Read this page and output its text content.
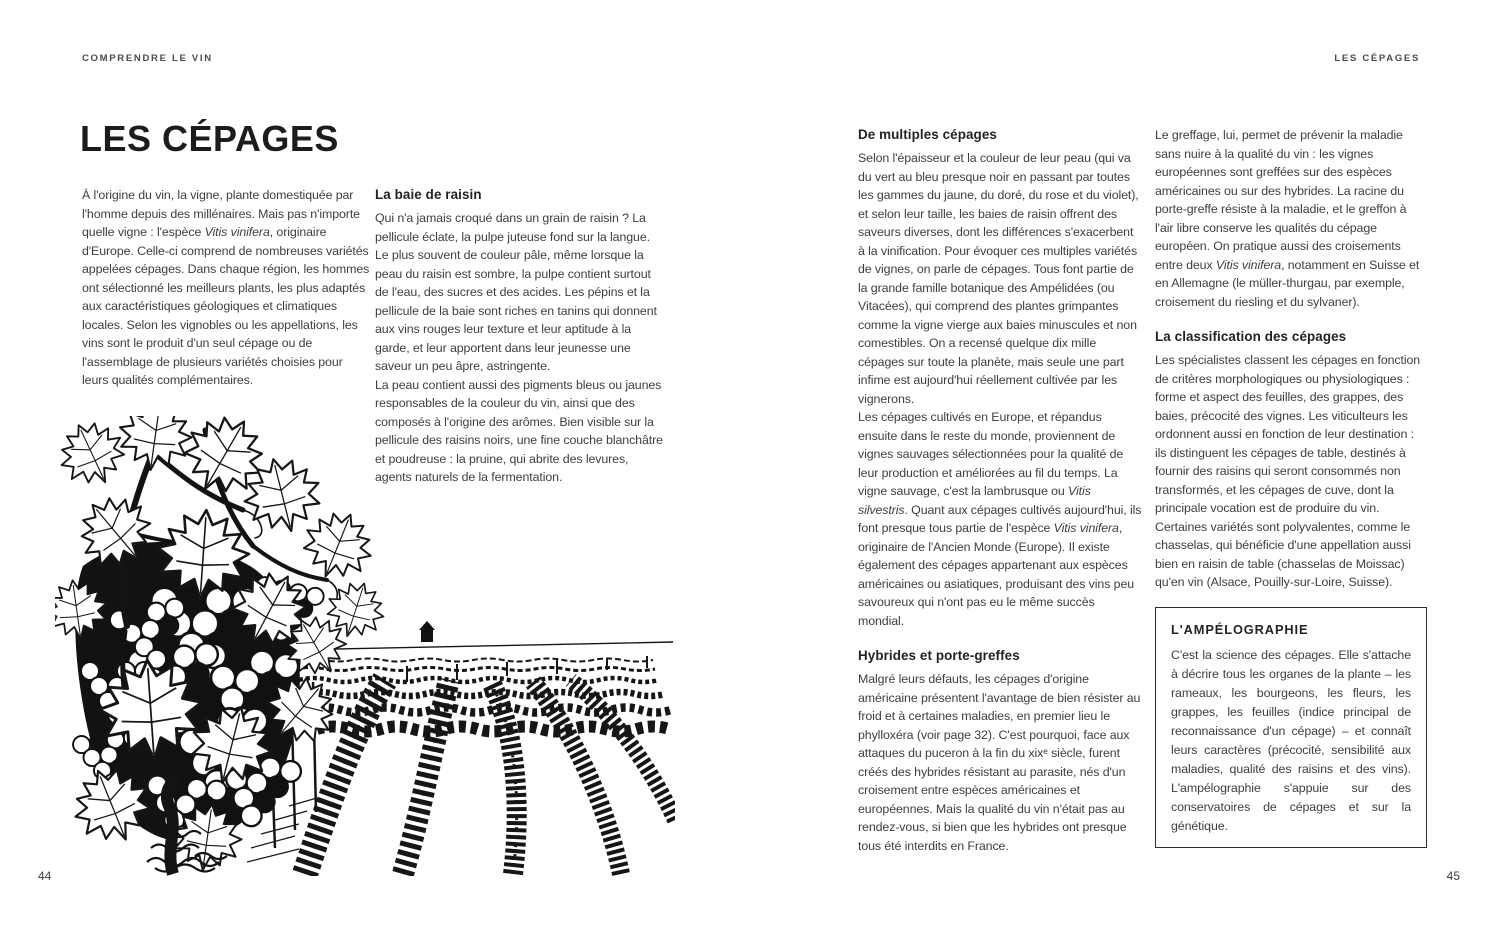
COMPRENDRE LE VIN
LES CÉPAGES

À l'origine du vin, la vigne, plante domestiquée par l'homme depuis des millénaires. Mais pas n'importe quelle vigne : l'espèce Vitis vinifera, originaire d'Europe. Celle-ci comprend de nombreuses variétés appelées cépages. Dans chaque région, les hommes ont sélectionné les meilleurs plants, les plus adaptés aux caractéristiques géologiques et climatiques locales. Selon les vignobles ou les appellations, les vins sont le produit d'un seul cépage ou de l'assemblage de plusieurs variétés choisies pour leurs qualités complémentaires.

La baie de raisin

Qui n'a jamais croqué dans un grain de raisin ? La pellicule éclate, la pulpe juteuse fond sur la langue. Le plus souvent de couleur pâle, même lorsque la peau du raisin est sombre, la pulpe contient surtout de l'eau, des sucres et des acides. Les pépins et la pellicule de la baie sont riches en tanins qui donnent aux vins rouges leur texture et leur aptitude à la garde, et leur apportent dans leur jeunesse une saveur un peu âpre, astringente.

La peau contient aussi des pigments bleus ou jaunes responsables de la couleur du vin, ainsi que des composés à l'origine des arômes. Bien visible sur la pellicule des raisins noirs, une fine couche blanchâtre et poudreuse : la pruine, qui abrite des levures, agents naturels de la fermentation.

44
LES CÉPAGES
De multiples cépages

Selon l'épaisseur et la couleur de leur peau (qui va du vert au bleu presque noir en passant par toutes les gammes du jaune, du doré, du rose et du violet), et selon leur taille, les baies de raisin offrent des saveurs diverses, dont les différences s'exacerbent à la vinification. Pour évoquer ces multiples variétés de vignes, on parle de cépages. Tous font partie de la grande famille botanique des Ampélidées (ou Vitacées), qui comprend des plantes grimpantes comme la vigne vierge aux baies minuscules et non comestibles. On a recensé quelque dix mille cépages sur toute la planète, mais seule une part infime est aujourd'hui réellement cultivée par les vignerons.

Les cépages cultivés en Europe, et répandus ensuite dans le reste du monde, proviennent de vignes sauvages sélectionnées pour la qualité de leur production et améliorées au fil du temps. La vigne sauvage, c'est la lambrusque ou Vitis silvestris. Quant aux cépages cultivés aujourd'hui, ils font presque tous partie de l'espèce Vitis vinifera, originaire de l'Ancien Monde (Europe). Il existe également des cépages appartenant aux espèces américaines ou asiatiques, produisant des vins peu savoureux qui n'ont pas eu le même succès mondial.

Hybrides et porte-greffes

Malgré leurs défauts, les cépages d'origine américaine présentent l'avantage de bien résister au froid et à certaines maladies, en premier lieu le phylloxéra (voir page 32). C'est pourquoi, face aux attaques du puceron à la fin du xixᵉ siècle, furent créés des hybrides résistant au parasite, nés d'un croisement entre espèces américaines et européennes. Mais la qualité du vin n'était pas au rendez-vous, si bien que les hybrides ont presque tous été interdits en France.

Le greffage, lui, permet de prévenir la maladie sans nuire à la qualité du vin : les vignes européennes sont greffées sur des espèces américaines ou sur des hybrides. La racine du porte-greffe résiste à la maladie, et le greffon à l'air libre conserve les qualités du cépage européen. On pratique aussi des croisements entre deux Vitis vinifera, notamment en Suisse et en Allemagne (le müller-thurgau, par exemple, croisement du riesling et du sylvaner).

La classification des cépages

Les spécialistes classent les cépages en fonction de critères morphologiques ou physiologiques : forme et aspect des feuilles, des grappes, des baies, précocité des vignes. Les viticulteurs les ordonnent aussi en fonction de leur destination : ils distinguent les cépages de table, destinés à fournir des raisins qui seront consommés non transformés, et les cépages de cuve, dont la principale vocation est de produire du vin. Certaines variétés sont polyvalentes, comme le chasselas, qui bénéficie d'une appellation aussi bien en raisin de table (chasselas de Moissac) qu'en vin (Alsace, Pouilly-sur-Loire, Suisse).

L'AMPÉLOGRAPHIE

C'est la science des cépages. Elle s'attache à décrire tous les organes de la plante – les rameaux, les bourgeons, les fleurs, les grappes, les feuilles (indice principal de reconnaissance d'un cépage) – et connaît leurs caractères (précocité, sensibilité aux maladies, qualité des raisins et des vins). L'ampélographie s'appuie sur des conservatoires de cépages et sur la génétique.

45
